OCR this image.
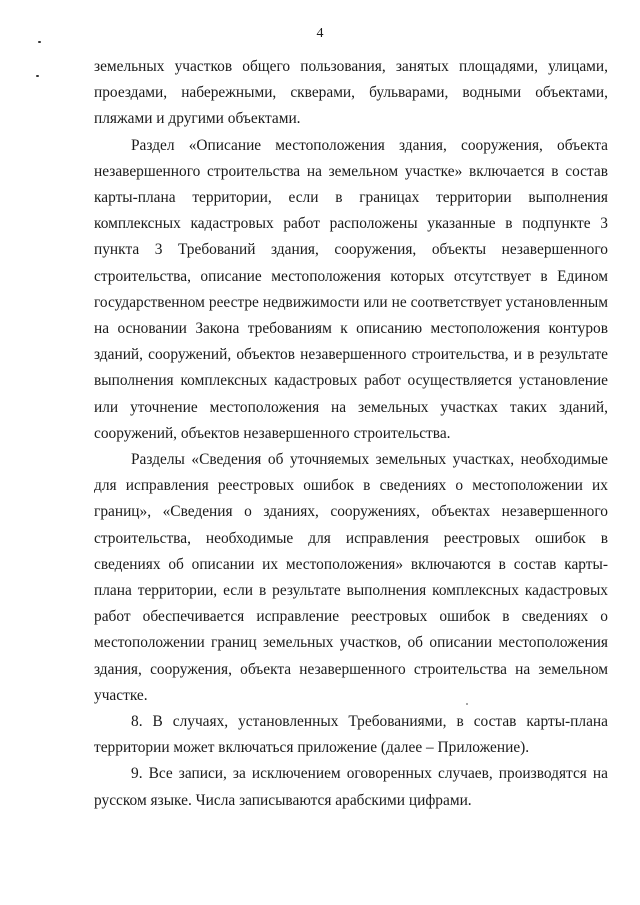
4

земельных участков общего пользования, занятых площадями, улицами, проездами, набережными, скверами, бульварами, водными объектами, пляжами и другими объектами.

Раздел «Описание местоположения здания, сооружения, объекта незавершенного строительства на земельном участке» включается в состав карты-плана территории, если в границах территории выполнения комплексных кадастровых работ расположены указанные в подпункте 3 пункта 3 Требований здания, сооружения, объекты незавершенного строительства, описание местоположения которых отсутствует в Едином государственном реестре недвижимости или не соответствует установленным на основании Закона требованиям к описанию местоположения контуров зданий, сооружений, объектов незавершенного строительства, и в результате выполнения комплексных кадастровых работ осуществляется установление или уточнение местоположения на земельных участках таких зданий, сооружений, объектов незавершенного строительства.

Разделы «Сведения об уточняемых земельных участках, необходимые для исправления реестровых ошибок в сведениях о местоположении их границ», «Сведения о зданиях, сооружениях, объектах незавершенного строительства, необходимые для исправления реестровых ошибок в сведениях об описании их местоположения» включаются в состав карты-плана территории, если в результате выполнения комплексных кадастровых работ обеспечивается исправление реестровых ошибок в сведениях о местоположении границ земельных участков, об описании местоположения здания, сооружения, объекта незавершенного строительства на земельном участке.

8. В случаях, установленных Требованиями, в состав карты-плана территории может включаться приложение (далее – Приложение).

9. Все записи, за исключением оговоренных случаев, производятся на русском языке. Числа записываются арабскими цифрами.
